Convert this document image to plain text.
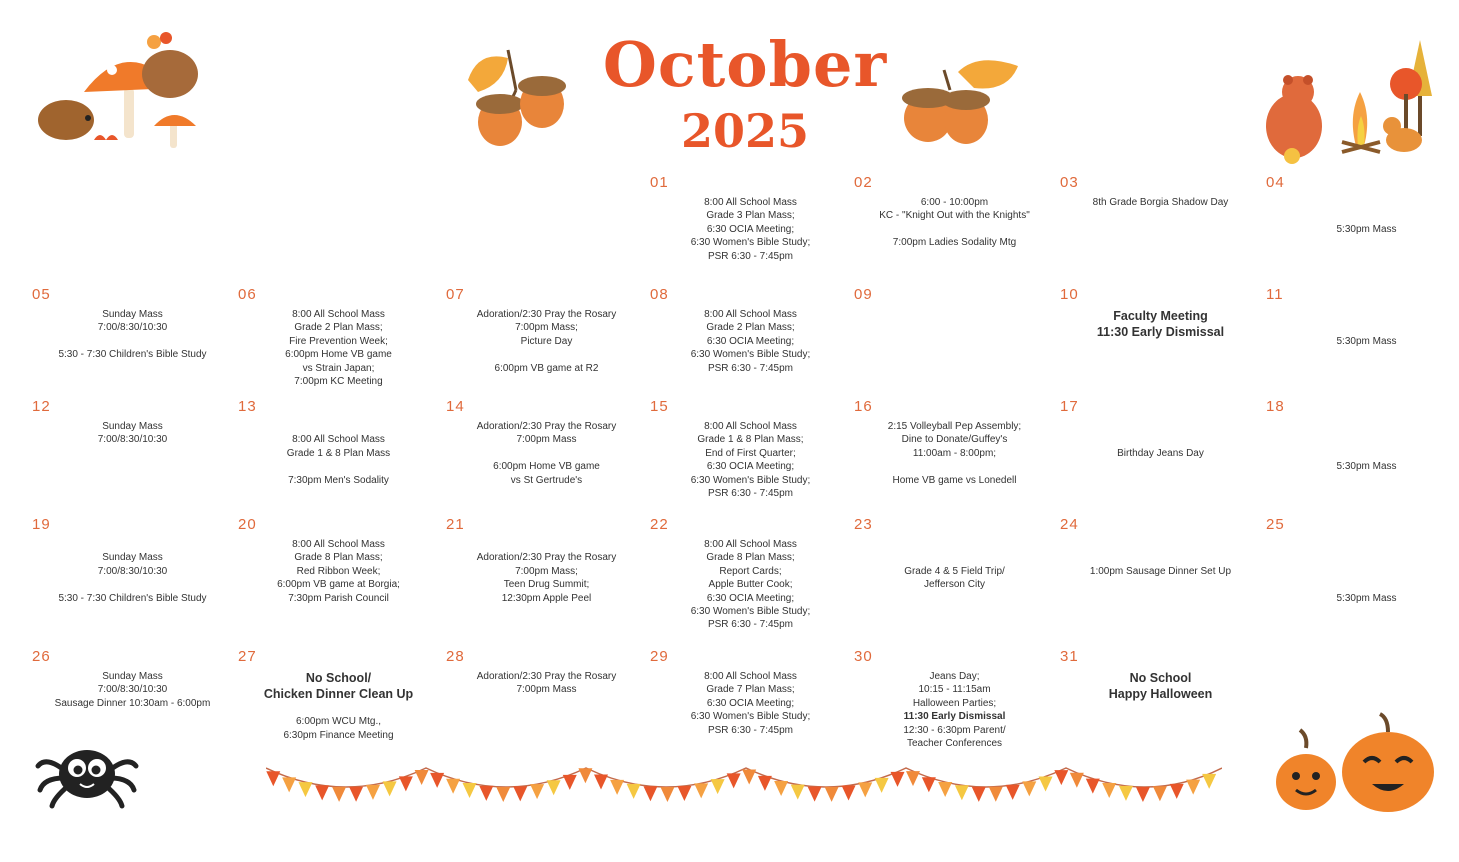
October
2025
01
8:00 All School Mass
Grade 3 Plan Mass;
6:30 OCIA Meeting;
6:30 Women's Bible Study;
PSR 6:30 - 7:45pm
02
6:00 - 10:00pm
KC - "Knight Out with the Knights"
7:00pm Ladies Sodality Mtg
03
8th Grade Borgia Shadow Day
04
5:30pm Mass
05
Sunday Mass
7:00/8:30/10:30
5:30 - 7:30 Children's Bible Study
06
8:00 All School Mass
Grade 2 Plan Mass;
Fire Prevention Week;
6:00pm Home VB game
vs Strain Japan;
7:00pm KC Meeting
07
Adoration/2:30 Pray the Rosary
7:00pm Mass;
Picture Day
6:00pm VB game at R2
08
8:00 All School Mass
Grade 2 Plan Mass;
6:30 OCIA Meeting;
6:30 Women's Bible Study;
PSR 6:30 - 7:45pm
09	10
Faculty Meeting
11:30 Early Dismissal
11
5:30pm Mass
12
Sunday Mass
7:00/8:30/10:30
13
8:00 All School Mass
Grade 1 & 8 Plan Mass
7:30pm Men's Sodality
14
Adoration/2:30 Pray the Rosary
7:00pm Mass
6:00pm Home VB game
vs St Gertrude's
15
8:00 All School Mass
Grade 1 & 8 Plan Mass;
End of First Quarter;
6:30 OCIA Meeting;
6:30 Women's Bible Study;
PSR 6:30 - 7:45pm
16
2:15 Volleyball Pep Assembly;
Dine to Donate/Guffey's
11:00am - 8:00pm;
Home VB game vs Lonedell
17
Birthday Jeans Day
18
5:30pm Mass
19
Sunday Mass
7:00/8:30/10:30
5:30 - 7:30 Children's Bible Study
20
8:00 All School Mass
Grade 8 Plan Mass;
Red Ribbon Week;
6:00pm VB game at Borgia;
7:30pm Parish Council
21
Adoration/2:30 Pray the Rosary
7:00pm Mass;
Teen Drug Summit;
12:30pm Apple Peel
22
8:00 All School Mass
Grade 8 Plan Mass;
Report Cards;
Apple Butter Cook;
6:30 OCIA Meeting;
6:30 Women's Bible Study;
PSR 6:30 - 7:45pm
23
Grade 4 & 5 Field Trip/
Jefferson City
24
1:00pm Sausage Dinner Set Up
25
5:30pm Mass
26
Sunday Mass
7:00/8:30/10:30
Sausage Dinner 10:30am - 6:00pm
27
No School/
Chicken Dinner Clean Up
6:00pm WCU Mtg.,
6:30pm Finance Meeting
28
Adoration/2:30 Pray the Rosary
7:00pm Mass
29
8:00 All School Mass
Grade 7 Plan Mass;
6:30 OCIA Meeting;
6:30 Women's Bible Study;
PSR 6:30 - 7:45pm
30
Jeans Day;
10:15 - 11:15am
Halloween Parties;
11:30 Early Dismissal
12:30 - 6:30pm Parent/
Teacher Conferences
31
No School
Happy Halloween
